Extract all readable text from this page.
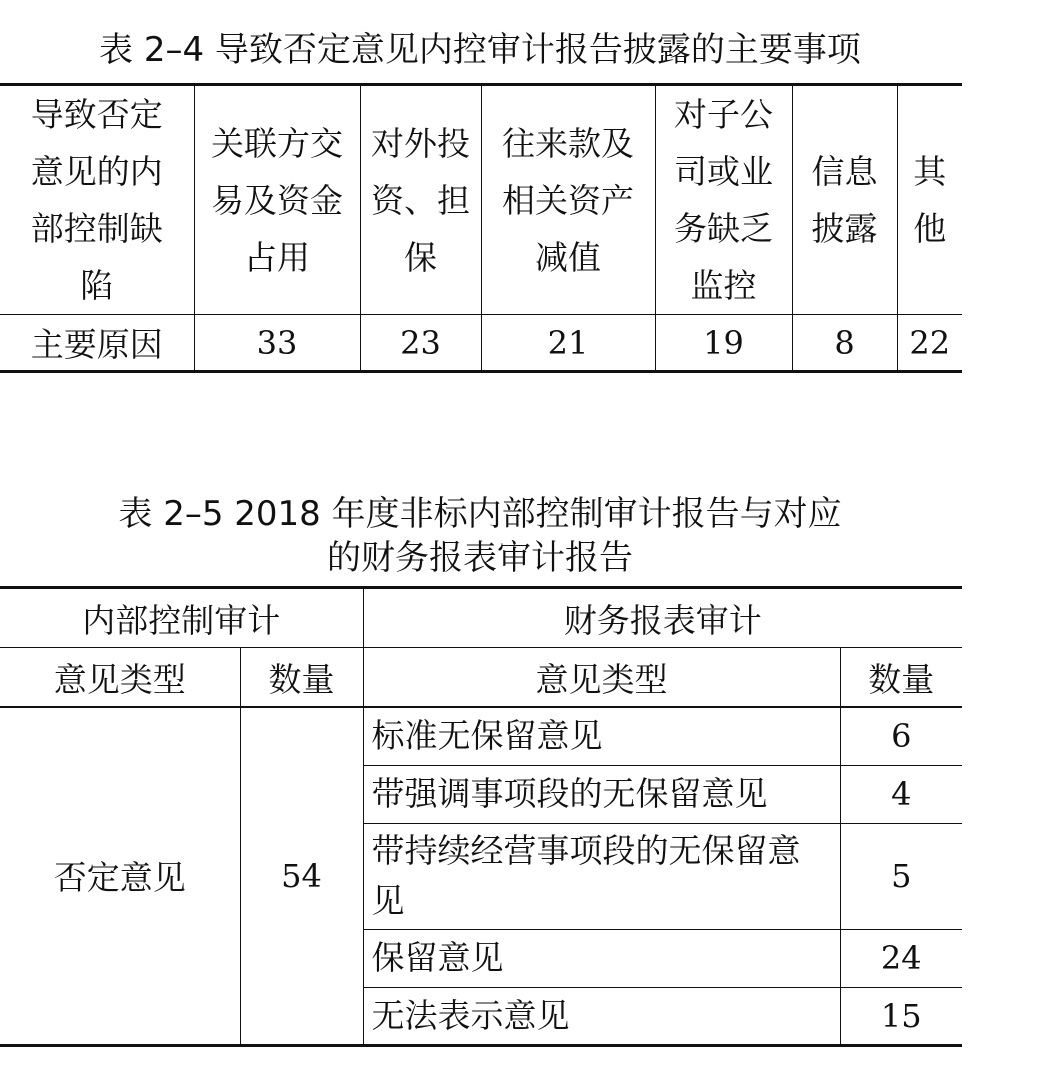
表 2–4 导致否定意见内控审计报告披露的主要事项
导致否定意见的内部控制缺陷	关联方交易及资金占用	对外投资、担保	往来款及相关资产减值	对子公司或业务缺乏监控	信息披露	其他

主要原因	33	23	21	19	8	22
表 2–5 2018 年度非标内部控制审计报告与对应
的财务报表审计报告
内部控制审计		财务报表审计	
意见类型	数量	意见类型	数量
否定意见	54	标准无保留意见	6
		带强调事项段的无保留意见	4

		带持续经营事项段的无保留意见	5
		保留意见	24
		无法表示意见	15
